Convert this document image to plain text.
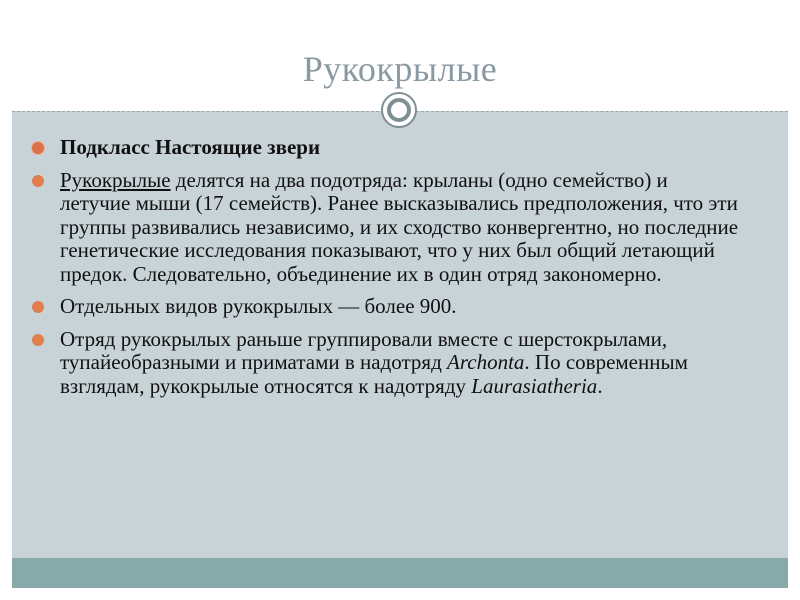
Рукокрылые
Подкласс Настоящие звери
Рукокрылые делятся на два подотряда: крыланы (одно семейство) и летучие мыши (17 семейств). Ранее высказывались предположения, что эти группы развивались независимо, и их сходство конвергентно, но последние генетические исследования показывают, что у них был общий летающий предок. Следовательно, объединение их в один отряд закономерно.
Отдельных видов рукокрылых — более 900.
Отряд рукокрылых раньше группировали вместе с шерстокрылами, тупайеобразными и приматами в надотряд Archonta. По современным взглядам, рукокрылые относятся к надотряду Laurasiatheria.
